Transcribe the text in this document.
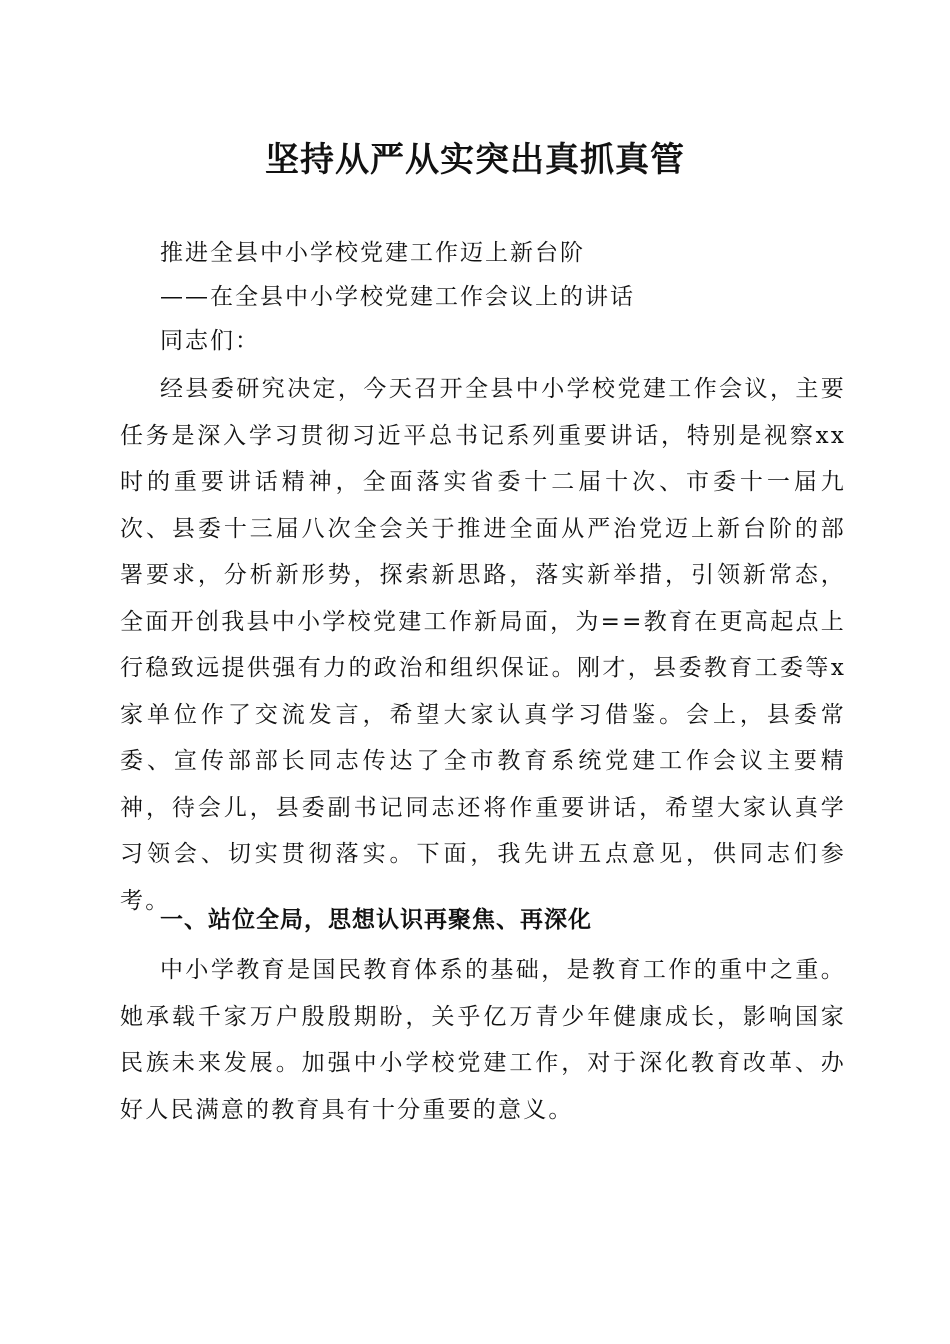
坚持从严从实突出真抓真管

推进全县中小学校党建工作迈上新台阶

——在全县中小学校党建工作会议上的讲话

同志们：

经县委研究决定，今天召开全县中小学校党建工作会议，主要任务是深入学习贯彻习近平总书记系列重要讲话，特别是视察xx时的重要讲话精神，全面落实省委十二届十次、市委十一届九次、县委十三届八次全会关于推进全面从严治党迈上新台阶的部署要求，分析新形势，探索新思路，落实新举措，引领新常态，全面开创我县中小学校党建工作新局面，为==教育在更高起点上行稳致远提供强有力的政治和组织保证。刚才，县委教育工委等x家单位作了交流发言，希望大家认真学习借鉴。会上，县委常委、宣传部部长同志传达了全市教育系统党建工作会议主要精神，待会儿，县委副书记同志还将作重要讲话，希望大家认真学习领会、切实贯彻落实。下面，我先讲五点意见，供同志们参考。

一、站位全局，思想认识再聚焦、再深化

中小学教育是国民教育体系的基础，是教育工作的重中之重。她承载千家万户殷殷期盼，关乎亿万青少年健康成长，影响国家民族未来发展。加强中小学校党建工作，对于深化教育改革、办好人民满意的教育具有十分重要的意义。
